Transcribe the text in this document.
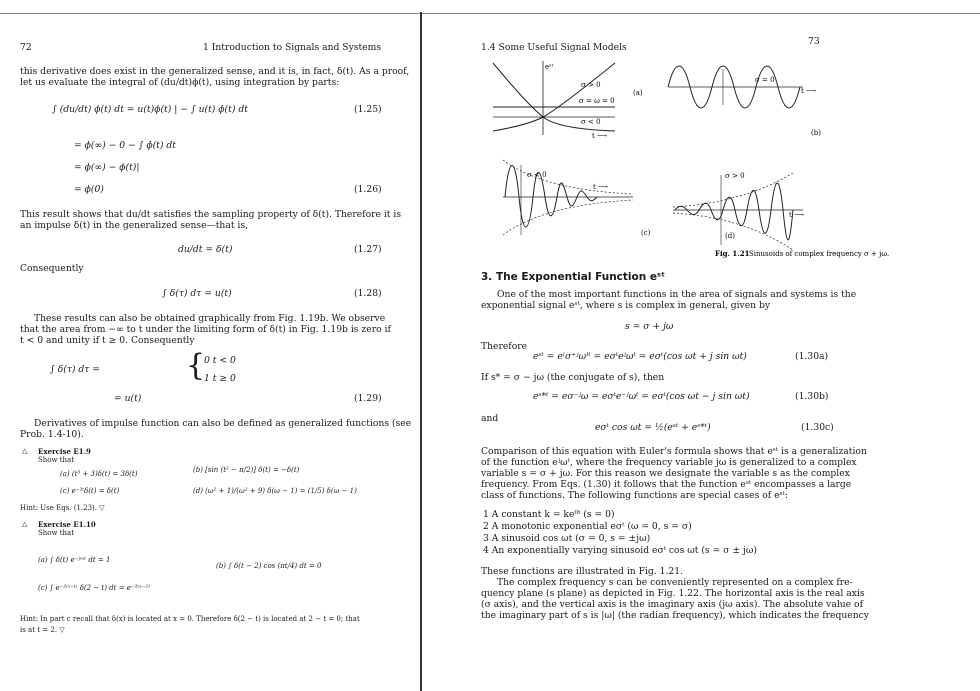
72	1 Introduction to Signals and Systems
this derivative does exist in the generalized sense, and it is, in fact, δ(t). As a proof,
let us evaluate the integral of (du/dt)ϕ(t), using integration by parts:
∫ (du/dt) ϕ(t) dt = u(t)ϕ(t) | − ∫ u(t) ϕ̇(t) dt	(1.25)
= ϕ(∞) − 0 − ∫ ϕ̇(t) dt
= ϕ(∞) − ϕ(t)|
= ϕ(0)	(1.26)
This result shows that du/dt satisfies the sampling property of δ(t). Therefore it is
an impulse δ(t) in the generalized sense—that is,
du/dt = δ(t)	(1.27)
Consequently
∫ δ(τ) dτ = u(t)	(1.28)
These results can also be obtained graphically from Fig. 1.19b. We observe
that the area from −∞ to t under the limiting form of δ(t) in Fig. 1.19b is zero if
t < 0 and unity if t ≥ 0. Consequently
∫ δ(τ) dτ =	{
0 t < 0
1 t ≥ 0
= u(t)	(1.29)
Derivatives of impulse function can also be defined as generalized functions (see
Prob. 1.4-10).
△ Exercise E1.9
Show that
(a) (t³ + 3)δ(t) = 3δ(t)	(b) [sin (t² − π/2)] δ(t) = −δ(t)
(c) e⁻²ᵗδ(t) = δ(t)	(d) (ω² + 1)/(ω² + 9) δ(ω − 1) = (1/5) δ(ω − 1)
Hint: Use Eqs. (1.23). ▽
△ Exercise E1.10
Show that
(a) ∫ δ(t) e⁻ʲᵚᵗ dt = 1
(b) ∫ δ(t − 2) cos (πt/4) dt = 0
(c) ∫ e⁻²⁽ˣ⁻ᵗ⁾ δ(2 − t) dt = e⁻²⁽ˣ⁻²⁾
Hint: In part c recall that δ(x) is located at x = 0. Therefore δ(2 − t) is located at 2 − t = 0; that
is at t = 2. ▽
1.4 Some Useful Signal Models
73
eˢᵗ
σ > 0
σ = ω = 0
σ < 0
t ⟶
(a)
σ = 0
t ⟶
(b)
σ < 0
t ⟶
(c)
σ > 0
t ⟶
(d)
Fig. 1.21 Sinusoids of complex frequency σ + jω.
3. The Exponential Function eˢᵗ
One of the most important functions in the area of signals and systems is the
exponential signal eˢᵗ, where s is complex in general, given by
s = σ + jω
Therefore
eˢᵗ = e⁽σ⁺ʲω⁾ᵗ = eσᵗeʲωᵗ = eσᵗ(cos ωt + j sin ωt)	(1.30a)
If s* = σ − jω (the conjugate of s), then
eˢ*ᵗ = eσ⁻ʲω = eσᵗe⁻ʲωᵗ = eσᵗ(cos ωt − j sin ωt)	(1.30b)
and
eσᵗ cos ωt = ½(eˢᵗ + eˢ*ᵗ)	(1.30c)
Comparison of this equation with Euler's formula shows that eˢᵗ is a generalization
of the function eʲωᵗ, where the frequency variable jω is generalized to a complex
variable s = σ + jω. For this reason we designate the variable s as the complex
frequency. From Eqs. (1.30) it follows that the function eˢᵗ encompasses a large
class of functions. The following functions are special cases of eˢᵗ:
1 A constant k = ke⁰ᵗ (s = 0)
2 A monotonic exponential eσᵗ (ω = 0, s = σ)
3 A sinusoid cos ωt (σ = 0, s = ±jω)
4 An exponentially varying sinusoid eσᵗ cos ωt (s = σ ± jω)
These functions are illustrated in Fig. 1.21.
The complex frequency s can be conveniently represented on a complex fre-
quency plane (s plane) as depicted in Fig. 1.22. The horizontal axis is the real axis
(σ axis), and the vertical axis is the imaginary axis (jω axis). The absolute value of
the imaginary part of s is |ω| (the radian frequency), which indicates the frequency
